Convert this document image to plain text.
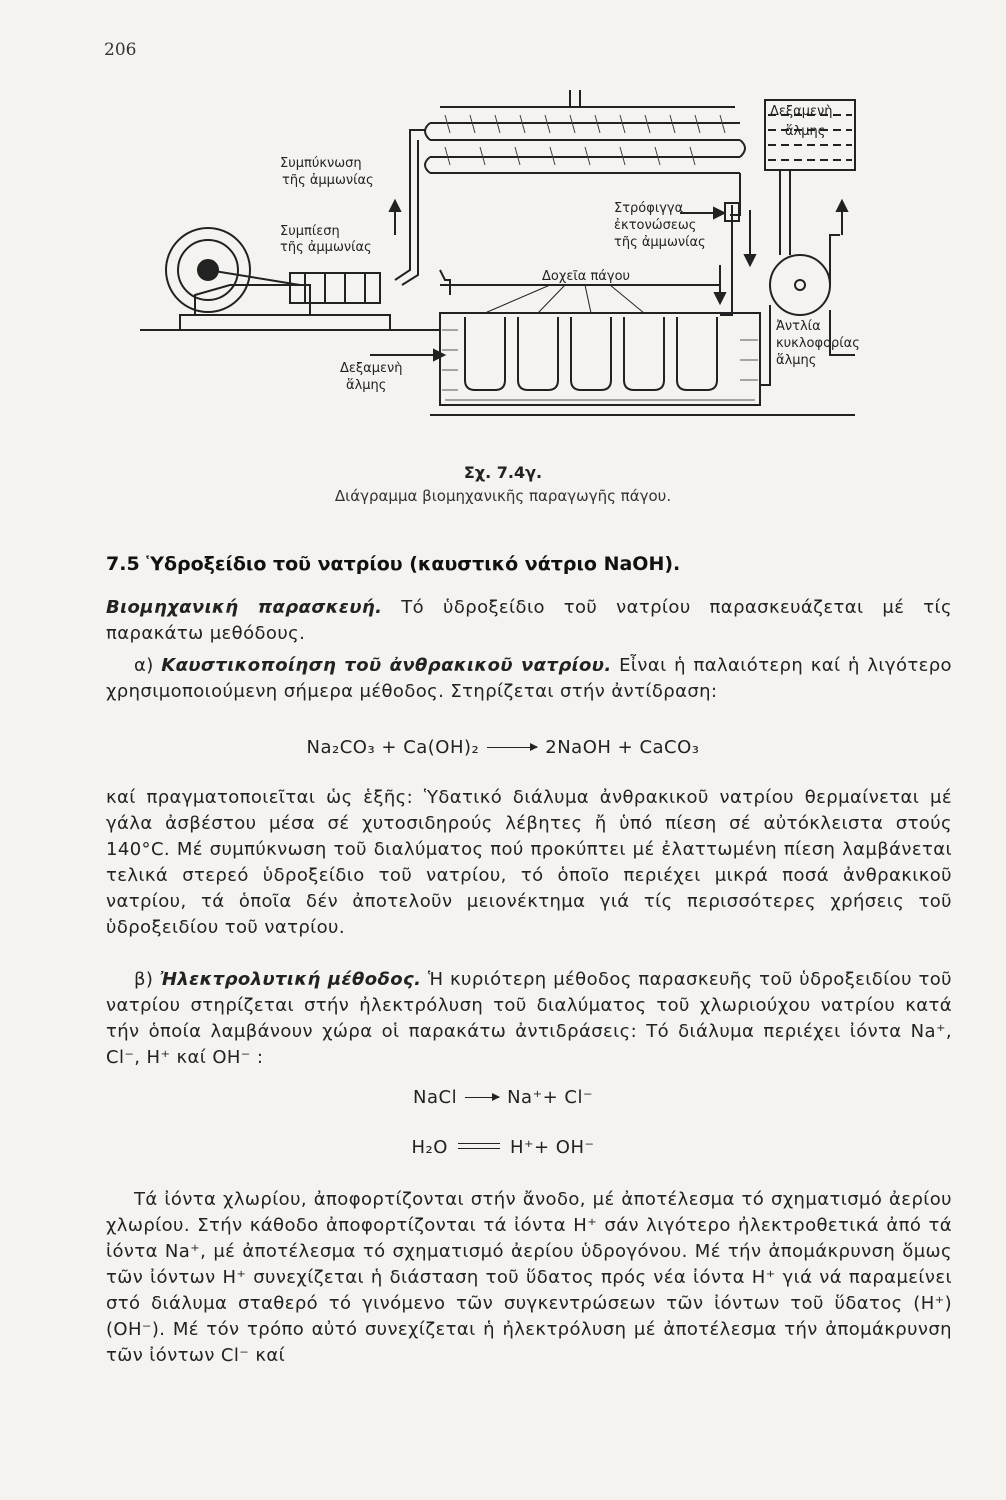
206
Συμπύκνωση
τῆς ἀμμωνίας
Συμπίεση
τῆς ἀμμωνίας
Δεξαμενὴ
ἅλμης
Στρόφιγγα
ἐκτονώσεως
τῆς ἀμμωνίας
Δοχεῖα πάγου
Δεξαμενὴ
ἅλμης
Ἀντλία
κυκλοφορίας
ἅλμης
Σχ. 7.4γ.
Διάγραμμα βιομηχανικῆς παραγωγῆς πάγου.
7.5 Ὑδροξείδιο τοῦ νατρίου (καυστικό νάτριο NaOH).
Βιομηχανική παρασκευή. Τό ὑδροξείδιο τοῦ νατρίου παρασκευάζεται μέ τίς παρακάτω μεθόδους.
α) Καυστικοποίηση τοῦ ἀνθρακικοῦ νατρίου. Εἶναι ἡ παλαιότερη καί ἡ λιγότερο χρησιμοποιούμενη σήμερα μέθοδος. Στηρίζεται στήν ἀντίδραση:
Na₂CO₃ + Ca(OH)₂ → 2NaOH + CaCO₃
καί πραγματοποιεῖται ὡς ἑξῆς: Ὑδατικό διάλυμα ἀνθρακικοῦ νατρίου θερμαίνεται μέ γάλα ἀσβέστου μέσα σέ χυτοσιδηρούς λέβητες ἤ ὑπό πίεση σέ αὐτόκλειστα στούς 140°C. Μέ συμπύκνωση τοῦ διαλύματος πού προκύπτει μέ ἐλαττωμένη πίεση λαμβάνεται τελικά στερεό ὑδροξείδιο τοῦ νατρίου, τό ὁποῖο περιέχει μικρά ποσά ἀνθρακικοῦ νατρίου, τά ὁποῖα δέν ἀποτελοῦν μειονέκτημα γιά τίς περισσότερες χρήσεις τοῦ ὑδροξειδίου τοῦ νατρίου.
β) Ἠλεκτρολυτική μέθοδος. Ἡ κυριότερη μέθοδος παρασκευῆς τοῦ ὑδροξειδίου τοῦ νατρίου στηρίζεται στήν ἠλεκτρόλυση τοῦ διαλύματος τοῦ χλωριούχου νατρίου κατά τήν ὁποία λαμβάνουν χώρα οἱ παρακάτω ἀντιδράσεις: Τό διάλυμα περιέχει ἰόντα Na⁺, Cl⁻, H⁺ καί OH⁻ :
NaCl → Na⁺+ Cl⁻
H₂O	H⁺+ OH⁻
Τά ἰόντα χλωρίου, ἀποφορτίζονται στήν ἄνοδο, μέ ἀποτέλεσμα τό σχηματισμό ἀερίου χλωρίου. Στήν κάθοδο ἀποφορτίζονται τά ἰόντα H⁺ σάν λιγότερο ἠλεκτροθετικά ἀπό τά ἰόντα Na⁺, μέ ἀποτέλεσμα τό σχηματισμό ἀερίου ὑδρογόνου. Μέ τήν ἀπομάκρυνση ὅμως τῶν ἰόντων H⁺ συνεχίζεται ἡ διάσταση τοῦ ὕδατος πρός νέα ἰόντα H⁺ γιά νά παραμείνει στό διάλυμα σταθερό τό γινόμενο τῶν συγκεντρώσεων τῶν ἰόντων τοῦ ὕδατος (H⁺) (OH⁻). Μέ τόν τρόπο αὐτό συνεχίζεται ἡ ἠλεκτρόλυση μέ ἀποτέλεσμα τήν ἀπομάκρυνση τῶν ἰόντων Cl⁻ καί
